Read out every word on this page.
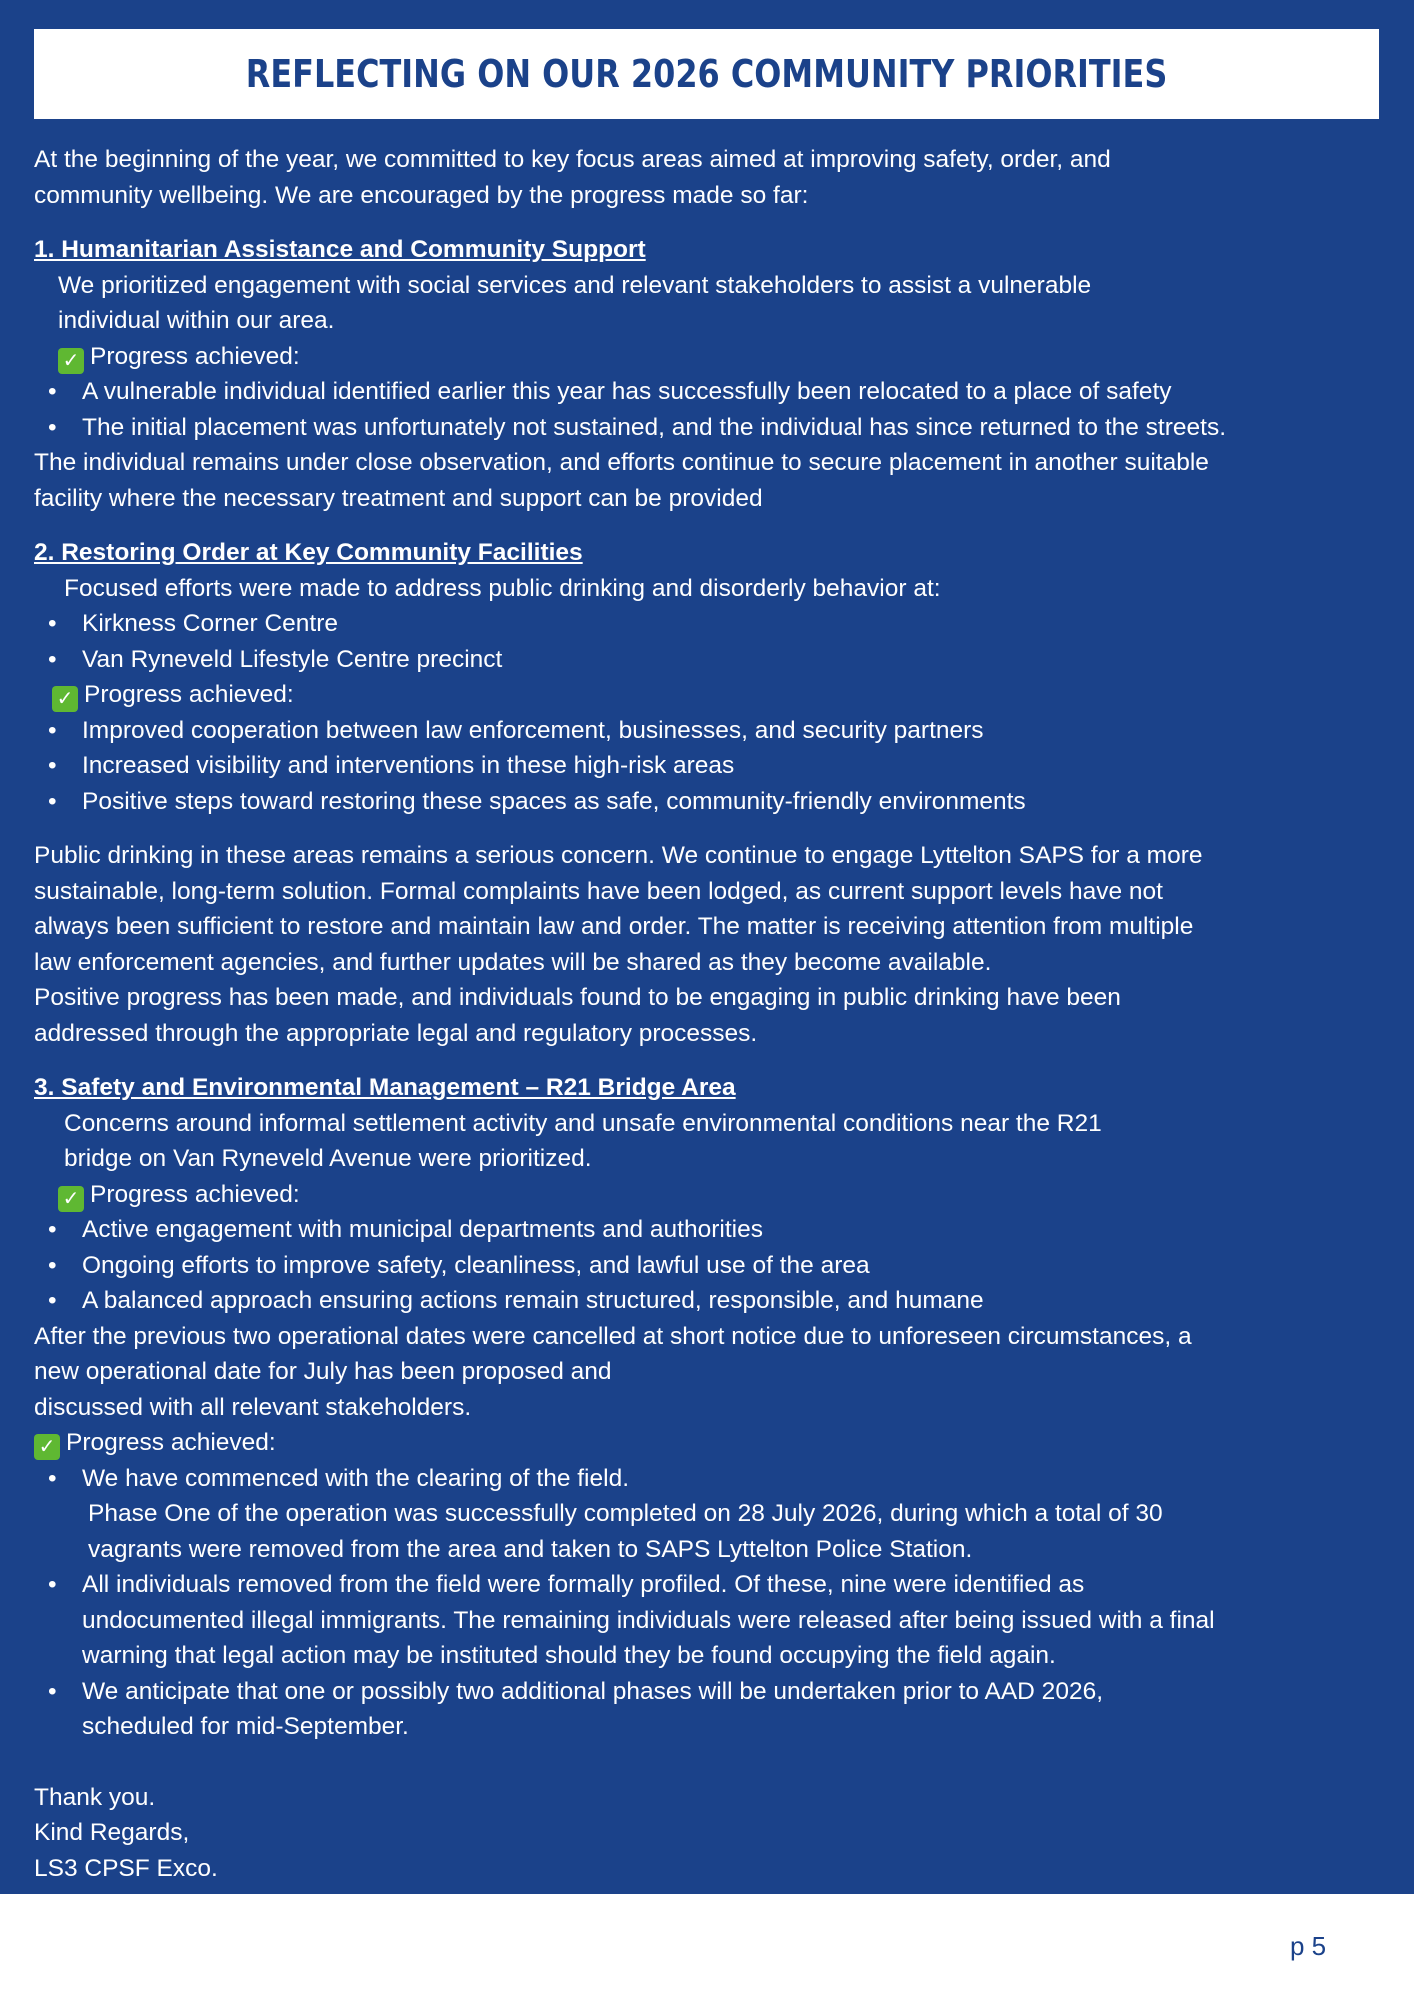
REFLECTING ON OUR 2026 COMMUNITY PRIORITIES
At the beginning of the year, we committed to key focus areas aimed at improving safety, order, and
community wellbeing. We are encouraged by the progress made so far:
1. Humanitarian Assistance and Community Support
We prioritized engagement with social services and relevant stakeholders to assist a vulnerable
individual within our area.
✓ Progress achieved:
• A vulnerable individual identified earlier this year has successfully been relocated to a place of safety
• The initial placement was unfortunately not sustained, and the individual has since returned to the streets.
The individual remains under close observation, and efforts continue to secure placement in another suitable
facility where the necessary treatment and support can be provided
2. Restoring Order at Key Community Facilities
Focused efforts were made to address public drinking and disorderly behavior at:
• Kirkness Corner Centre
• Van Ryneveld Lifestyle Centre precinct
✓ Progress achieved:
• Improved cooperation between law enforcement, businesses, and security partners
• Increased visibility and interventions in these high-risk areas
• Positive steps toward restoring these spaces as safe, community-friendly environments
Public drinking in these areas remains a serious concern. We continue to engage Lyttelton SAPS for a more
sustainable, long-term solution. Formal complaints have been lodged, as current support levels have not
always been sufficient to restore and maintain law and order. The matter is receiving attention from multiple
law enforcement agencies, and further updates will be shared as they become available.
Positive progress has been made, and individuals found to be engaging in public drinking have been
addressed through the appropriate legal and regulatory processes.
3. Safety and Environmental Management – R21 Bridge Area
Concerns around informal settlement activity and unsafe environmental conditions near the R21
bridge on Van Ryneveld Avenue were prioritized.
✓ Progress achieved:
• Active engagement with municipal departments and authorities
• Ongoing efforts to improve safety, cleanliness, and lawful use of the area
• A balanced approach ensuring actions remain structured, responsible, and humane
After the previous two operational dates were cancelled at short notice due to unforeseen circumstances, a
new operational date for July has been proposed and
discussed with all relevant stakeholders.
✓ Progress achieved:
• We have commenced with the clearing of the field.
Phase One of the operation was successfully completed on 28 July 2026, during which a total of 30
vagrants were removed from the area and taken to SAPS Lyttelton Police Station.
• All individuals removed from the field were formally profiled. Of these, nine were identified as
undocumented illegal immigrants. The remaining individuals were released after being issued with a final
warning that legal action may be instituted should they be found occupying the field again.
• We anticipate that one or possibly two additional phases will be undertaken prior to AAD 2026,
scheduled for mid-September.
Thank you.
Kind Regards,
LS3 CPSF Exco.
p 5
